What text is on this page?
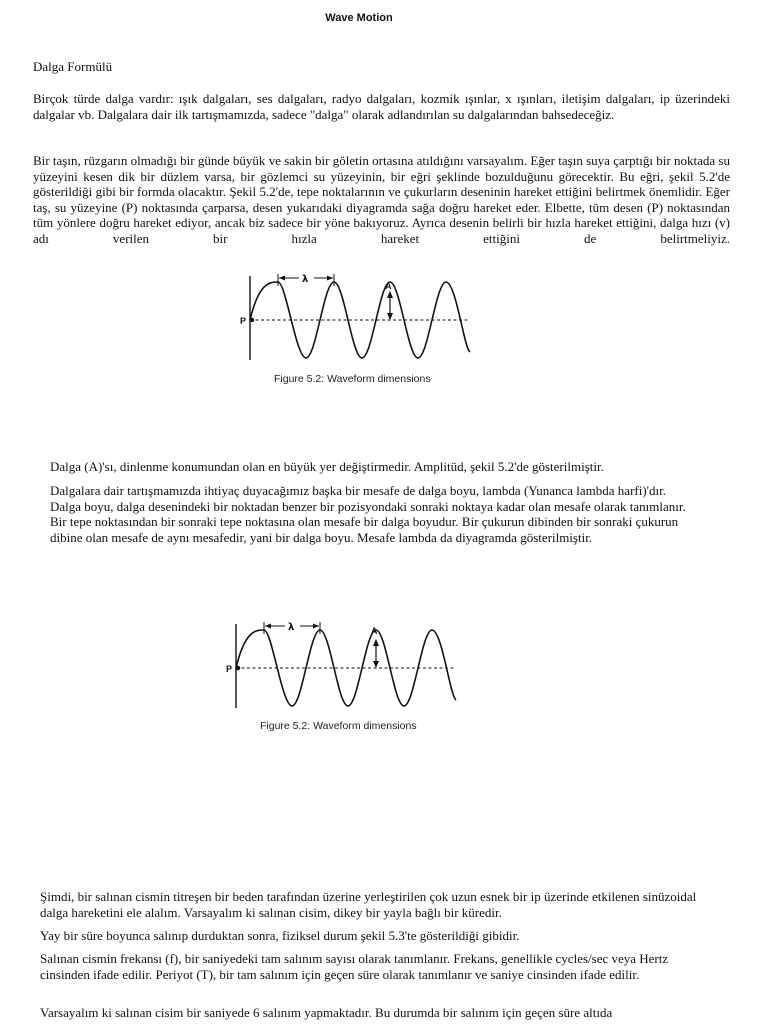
Wave Motion
Dalga Formülü
Birçok türde dalga vardır: ışık dalgaları, ses dalgaları, radyo dalgaları, kozmik ışınlar, x ışınları, iletişim dalgaları, ip üzerindeki dalgalar vb. Dalgalara dair ilk tartışmamızda, sadece "dalga" olarak adlandırılan su dalgalarından bahsedeceğiz.
Bir taşın, rüzgarın olmadığı bir günde büyük ve sakin bir göletin ortasına atıldığını varsayalım. Eğer taşın suya çarptığı bir noktada su yüzeyini kesen dik bir düzlem varsa, bir gözlemci su yüzeyinin, bir eğri şeklinde bozulduğunu görecektir. Bu eğri, şekil 5.2'de gösterildiği gibi bir formda olacaktır. Şekil 5.2'de, tepe noktalarının ve çukurların deseninin hareket ettiğini belirtmek önemlidir. Eğer taş, su yüzeyine (P) noktasında çarparsa, desen yukarıdaki diyagramda sağa doğru hareket eder. Elbette, tüm desen (P) noktasından tüm yönlere doğru hareket ediyor, ancak biz sadece bir yöne bakıyoruz. Ayrıca desenin belirli bir hızla hareket ettiğini, dalga hızı (v) adı verilen bir hızla hareket ettiğini de belirtmeliyiz.
P
λ
A
Figure 5.2: Waveform dimensions
Dalga (A)'sı, dinlenme konumundan olan en büyük yer değiştirmedir. Amplitüd, şekil 5.2'de gösterilmiştir.
Dalgalara dair tartışmamızda ihtiyaç duyacağımız başka bir mesafe de dalga boyu, lambda (Yunanca lambda harfi)'dır. Dalga boyu, dalga desenindeki bir noktadan benzer bir pozisyondaki sonraki noktaya kadar olan mesafe olarak tanımlanır. Bir tepe noktasından bir sonraki tepe noktasına olan mesafe bir dalga boyudur. Bir çukurun dibinden bir sonraki çukurun dibine olan mesafe de aynı mesafedir, yani bir dalga boyu. Mesafe lambda da diyagramda gösterilmiştir.
P
λ	A
Figure 5.2: Waveform dimensions
Şimdi, bir salınan cismin titreşen bir beden tarafından üzerine yerleştirilen çok uzun esnek bir ip üzerinde etkilenen sinüzoidal dalga hareketini ele alalım. Varsayalım ki salınan cisim, dikey bir yayla bağlı bir küredir.
Yay bir süre boyunca salınıp durduktan sonra, fiziksel durum şekil 5.3'te gösterildiği gibidir.
Salınan cismin frekansı (f), bir saniyedeki tam salınım sayısı olarak tanımlanır. Frekans, genellikle cycles/sec veya Hertz cinsinden ifade edilir. Periyot (T), bir tam salınım için geçen süre olarak tanımlanır ve saniye cinsinden ifade edilir.
Varsayalım ki salınan cisim bir saniyede 6 salınım yapmaktadır. Bu durumda bir salınım için geçen süre altıda
